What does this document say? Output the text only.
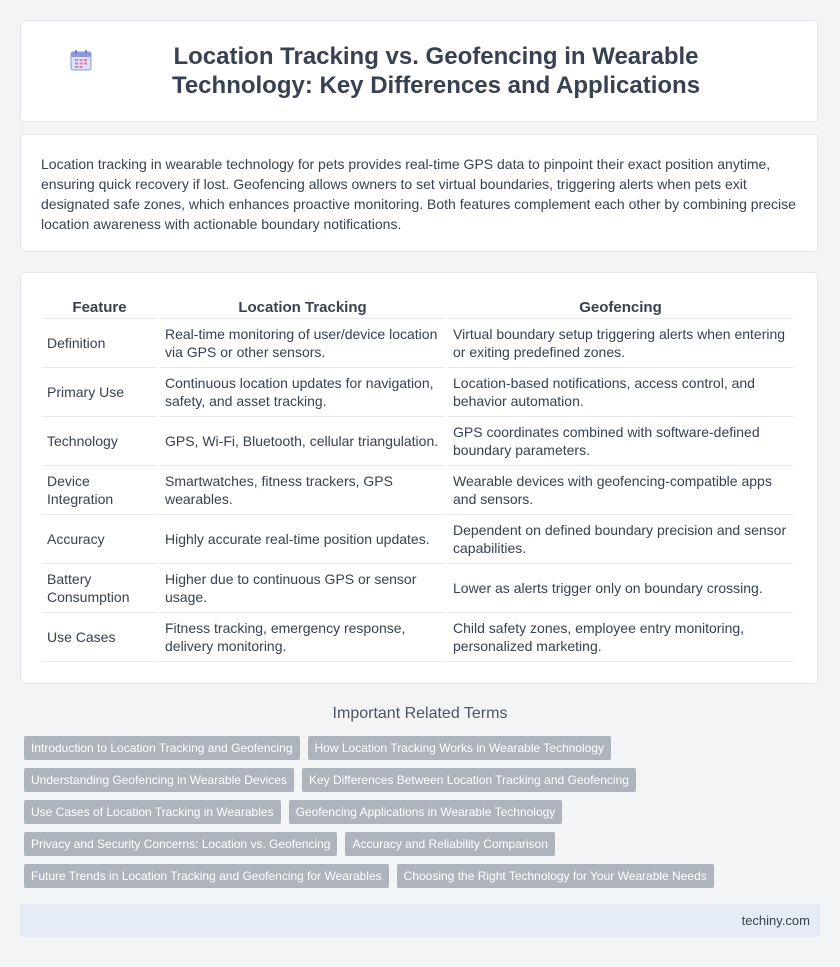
Location Tracking vs. Geofencing in Wearable Technology: Key Differences and Applications
Location tracking in wearable technology for pets provides real-time GPS data to pinpoint their exact position anytime, ensuring quick recovery if lost. Geofencing allows owners to set virtual boundaries, triggering alerts when pets exit designated safe zones, which enhances proactive monitoring. Both features complement each other by combining precise location awareness with actionable boundary notifications.
Feature	Location Tracking	Geofencing
Definition	Real-time monitoring of user/device location via GPS or other sensors.	Virtual boundary setup triggering alerts when entering or exiting predefined zones.
Primary Use	Continuous location updates for navigation, safety, and asset tracking.	Location-based notifications, access control, and behavior automation.
Technology	GPS, Wi-Fi, Bluetooth, cellular triangulation.	GPS coordinates combined with software-defined boundary parameters.
Device Integration	Smartwatches, fitness trackers, GPS wearables.	Wearable devices with geofencing-compatible apps and sensors.
Accuracy	Highly accurate real-time position updates.	Dependent on defined boundary precision and sensor capabilities.
Battery Consumption	Higher due to continuous GPS or sensor usage.	Lower as alerts trigger only on boundary crossing.
Use Cases	Fitness tracking, emergency response, delivery monitoring.	Child safety zones, employee entry monitoring, personalized marketing.
Important Related Terms
Introduction to Location Tracking and Geofencing	How Location Tracking Works in Wearable Technology
Understanding Geofencing in Wearable Devices	Key Differences Between Location Tracking and Geofencing
Use Cases of Location Tracking in Wearables	Geofencing Applications in Wearable Technology
Privacy and Security Concerns: Location vs. Geofencing	Accuracy and Reliability Comparison
Future Trends in Location Tracking and Geofencing for Wearables	Choosing the Right Technology for Your Wearable Needs
techiny.com
